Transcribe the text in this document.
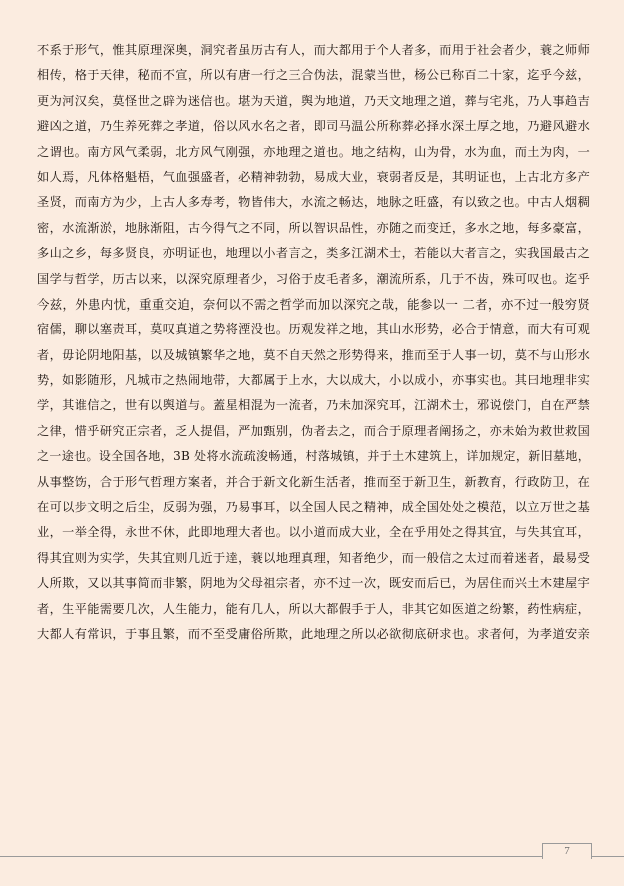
不系于形气，惟其原理深奥，洞究者虽历古有人，而大都用于个人者多，而用于社会者少，蓑之师师
相传，格于天律，秘而不宣，所以有唐一行之三合伪法，混蒙当世，杨公已称百二十家，迄乎今兹，
更为河汉矣，莫怪世之辟为迷信也。堪为天道，舆为地道，乃天文地理之道，葬与宅兆，乃人事趋吉
避凶之道，乃生养死葬之孝道，俗以风水名之者，即司马温公所称葬必择水深土厚之地，乃避风避水
之谓也。南方风气柔弱，北方风气刚强，亦地理之道也。地之结构，山为骨，水为血，而土为肉，一
如人焉，凡体格魁梧，气血强盛者，必精神勃勃，易成大业，衰弱者反是，其明证也，上古北方多产
圣贤，而南方为少，上古人多寿考，物皆伟大，水流之畅达，地脉之旺盛，有以致之也。中古人烟稠
密，水流渐淤，地脉渐阻，古今得气之不同，所以智识品性，亦随之而变迁，多水之地，每多豪富，
多山之乡，每多贤良，亦明证也，地理以小者言之，类多江湖术士，若能以大者言之，实我国最古之
国学与哲学，历古以来，以深究原理者少，习俗于皮毛者多，潮流所系，几于不齿，殊可叹也。迄乎
今兹，外患内忧，重重交迫，奈何以不需之哲学而加以深究之哉，能参以一 二者，亦不过一般穷贤
宿儒，聊以塞责耳，莫叹真道之势将湮没也。历观发祥之地，其山水形势，必合于情意，而大有可观
者，毋论阴地阳基，以及城镇繁华之地，莫不自天然之形势得来，推而至于人事一切，莫不与山形水
势，如影随形，凡城市之热闹地带，大都属于上水，大以成大，小以成小，亦事实也。其曰地理非实
学，其谁信之，世有以舆道与。蓋星相混为一流者，乃未加深究耳，江湖术士，邪说偿门，自在严禁
之律，惜乎研究正宗者，乏人提倡，严加甄别，伪者去之，而合于原理者阐扬之，亦未始为救世救国
之一途也。设全国各地，3B 处将水流疏浚畅通，村落城镇，并于土木建筑上，详加规定，新旧墓地，
从事整饬，合于形气哲理方案者，并合于新文化新生活者，推而至于新卫生，新教育，行政防卫，在
在可以步文明之后尘，反弱为强，乃易事耳，以全国人民之精神，成全国处处之模范，以立万世之基
业，一举全得，永世不休，此即地理大者也。以小道而成大业，全在乎用处之得其宜，与失其宜耳，
得其宜则为实学，失其宜则几近于逹，蓑以地理真理，知者绝少，而一般信之太过而着迷者，最易受
人所欺，又以其事简而非繁，阴地为父母祖宗者，亦不过一次，既安而后已，为居住而兴土木建屋宇
者，生平能需要几次，人生能力，能有几人，所以大都假手于人，非其它如医道之纷繁，药性病症，
大都人有常识，于事且繁，而不至受庸俗所欺，此地理之所以必欲彻底研求也。求者何，为孝道安亲
7
